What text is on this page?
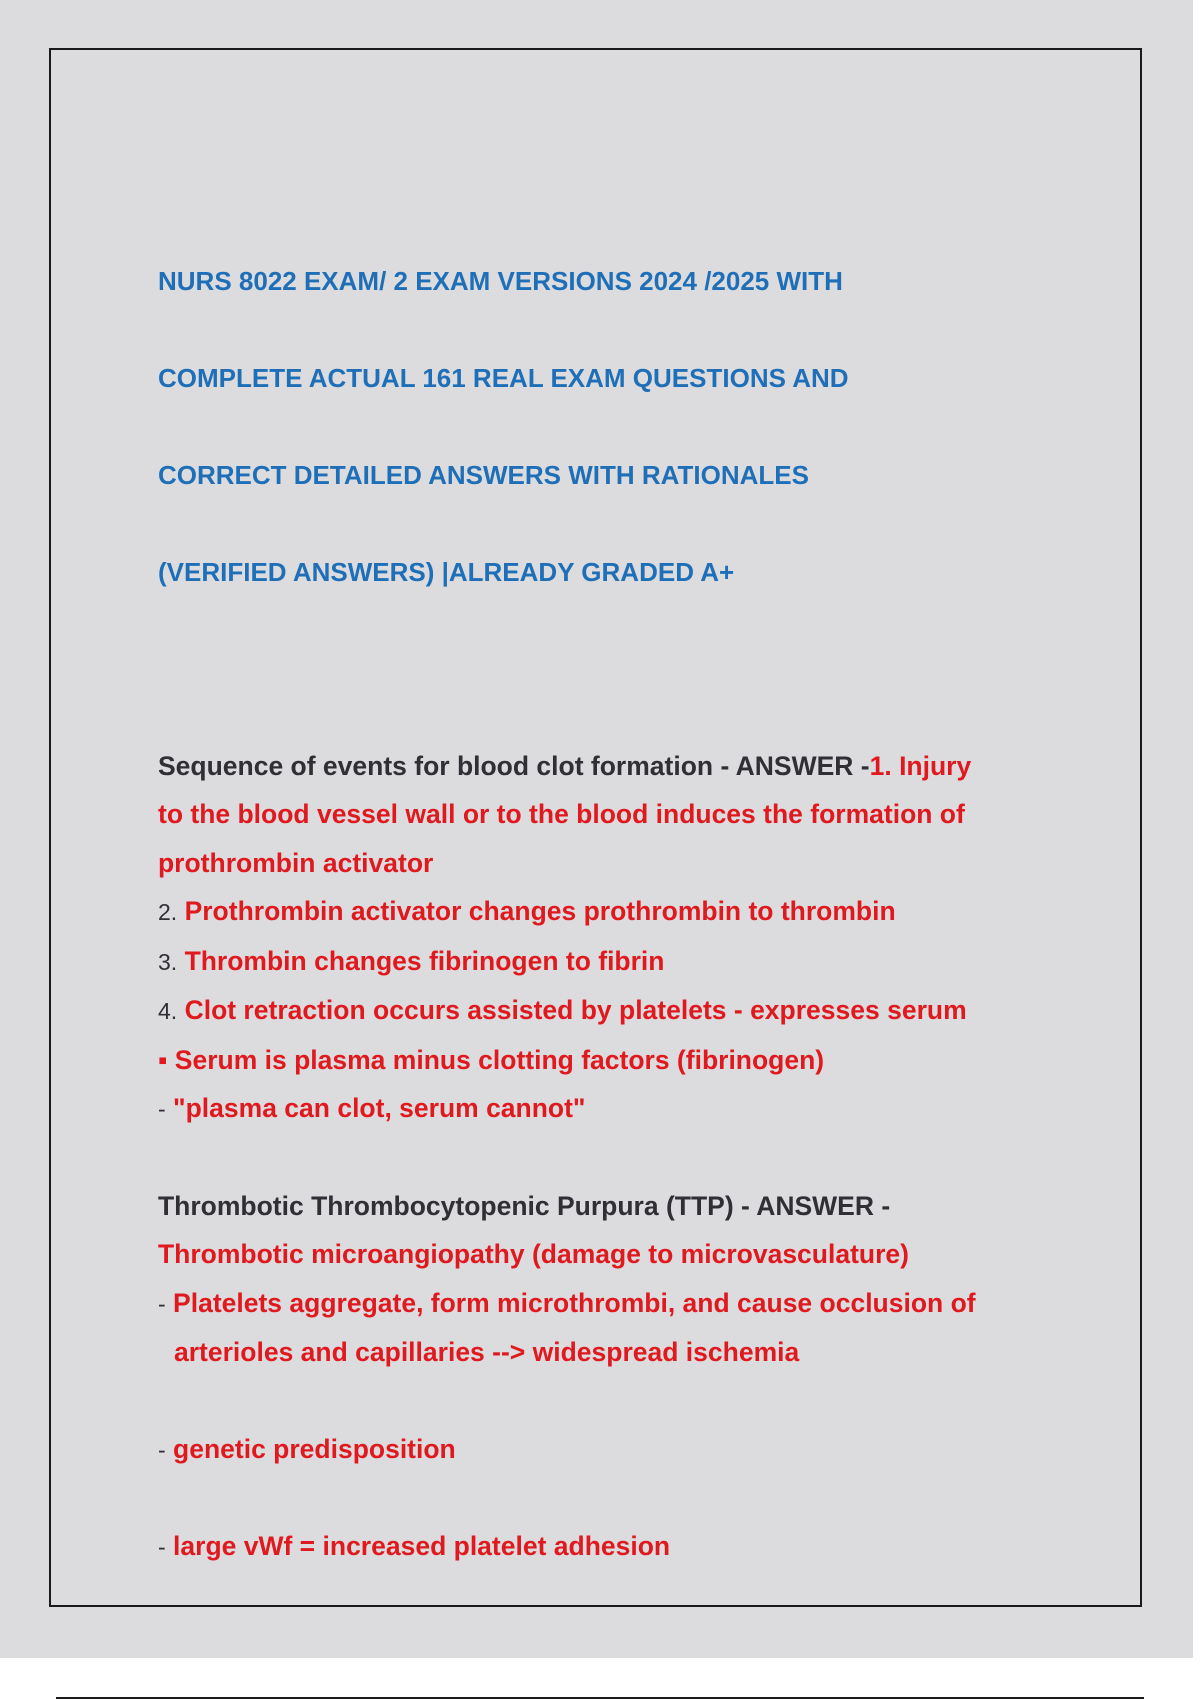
NURS 8022 EXAM/ 2 EXAM VERSIONS 2024 /2025 WITH

COMPLETE ACTUAL 161 REAL EXAM QUESTIONS AND

CORRECT DETAILED ANSWERS WITH RATIONALES

(VERIFIED ANSWERS) |ALREADY GRADED A+

Sequence of events for blood clot formation - ANSWER -1. Injury
to the blood vessel wall or to the blood induces the formation of
prothrombin activator
2. Prothrombin activator changes prothrombin to thrombin
3. Thrombin changes fibrinogen to fibrin
4. Clot retraction occurs assisted by platelets - expresses serum
▪ Serum is plasma minus clotting factors (fibrinogen)
- "plasma can clot, serum cannot"
Thrombotic Thrombocytopenic Purpura (TTP) - ANSWER -
Thrombotic microangiopathy (damage to microvasculature)
- Platelets aggregate, form microthrombi, and cause occlusion of arterioles and capillaries --> widespread ischemia
- genetic predisposition
- large vWf = increased platelet adhesion
